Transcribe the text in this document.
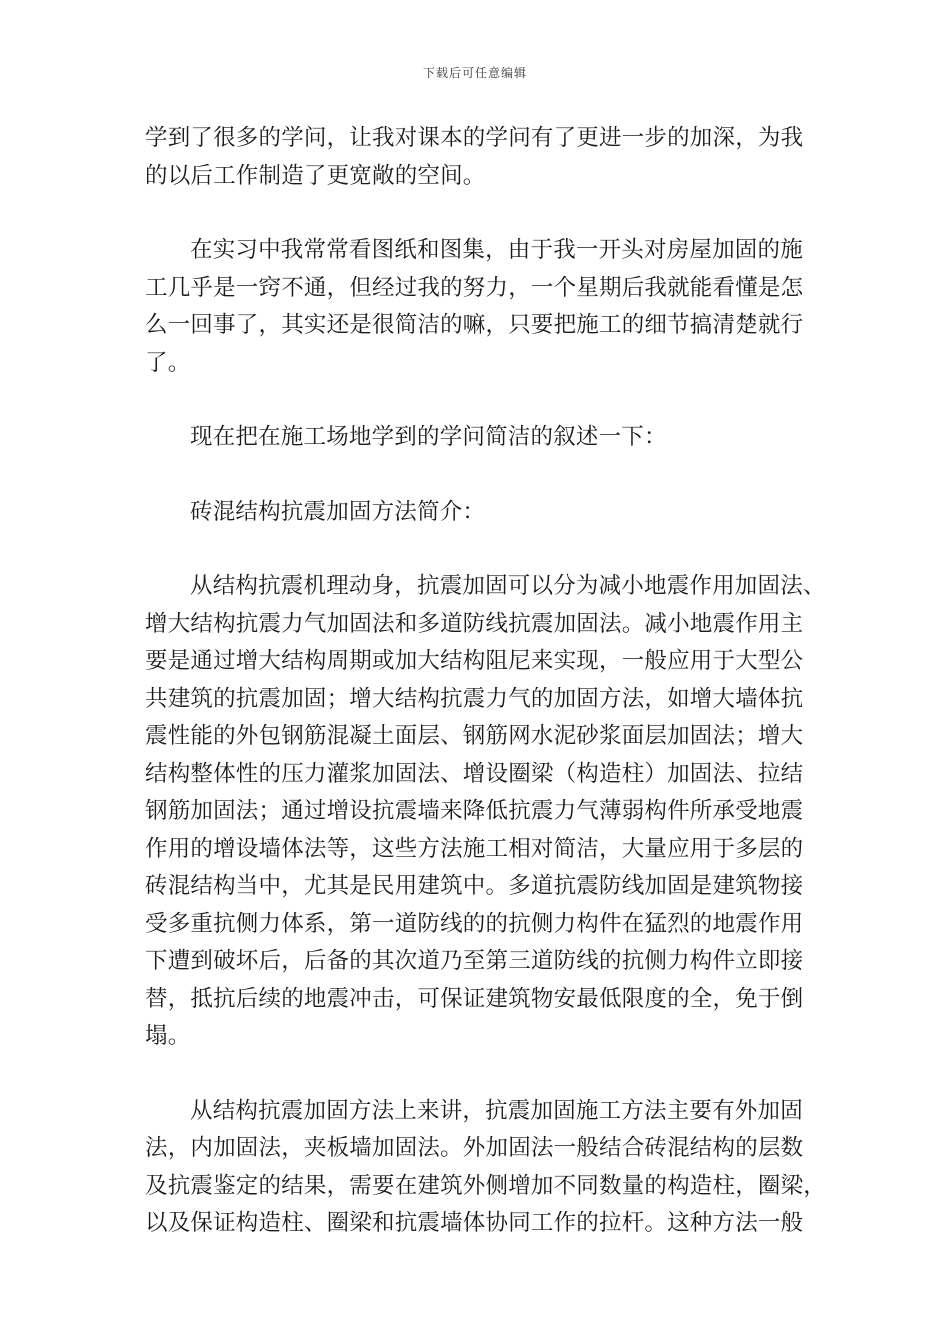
下载后可任意编辑

学到了很多的学问，让我对课本的学问有了更进一步的加深，为我
的以后工作制造了更宽敞的空间。

在实习中我常常看图纸和图集，由于我一开头对房屋加固的施
工几乎是一窍不通，但经过我的努力，一个星期后我就能看懂是怎
么一回事了，其实还是很简洁的嘛，只要把施工的细节搞清楚就行
了。

现在把在施工场地学到的学问简洁的叙述一下：

砖混结构抗震加固方法简介：

从结构抗震机理动身，抗震加固可以分为减小地震作用加固法、
增大结构抗震力气加固法和多道防线抗震加固法。减小地震作用主
要是通过增大结构周期或加大结构阻尼来实现，一般应用于大型公
共建筑的抗震加固；增大结构抗震力气的加固方法，如增大墙体抗
震性能的外包钢筋混凝土面层、钢筋网水泥砂浆面层加固法；增大
结构整体性的压力灌浆加固法、增设圈梁（构造柱）加固法、拉结
钢筋加固法；通过增设抗震墙来降低抗震力气薄弱构件所承受地震
作用的增设墙体法等，这些方法施工相对简洁，大量应用于多层的
砖混结构当中，尤其是民用建筑中。多道抗震防线加固是建筑物接
受多重抗侧力体系，第一道防线的的抗侧力构件在猛烈的地震作用
下遭到破坏后，后备的其次道乃至第三道防线的抗侧力构件立即接
替，抵抗后续的地震冲击，可保证建筑物安最低限度的全，免于倒
塌。

从结构抗震加固方法上来讲，抗震加固施工方法主要有外加固
法，内加固法，夹板墙加固法。外加固法一般结合砖混结构的层数
及抗震鉴定的结果，需要在建筑外侧增加不同数量的构造柱，圈梁，
以及保证构造柱、圈梁和抗震墙体协同工作的拉杆。这种方法一般
